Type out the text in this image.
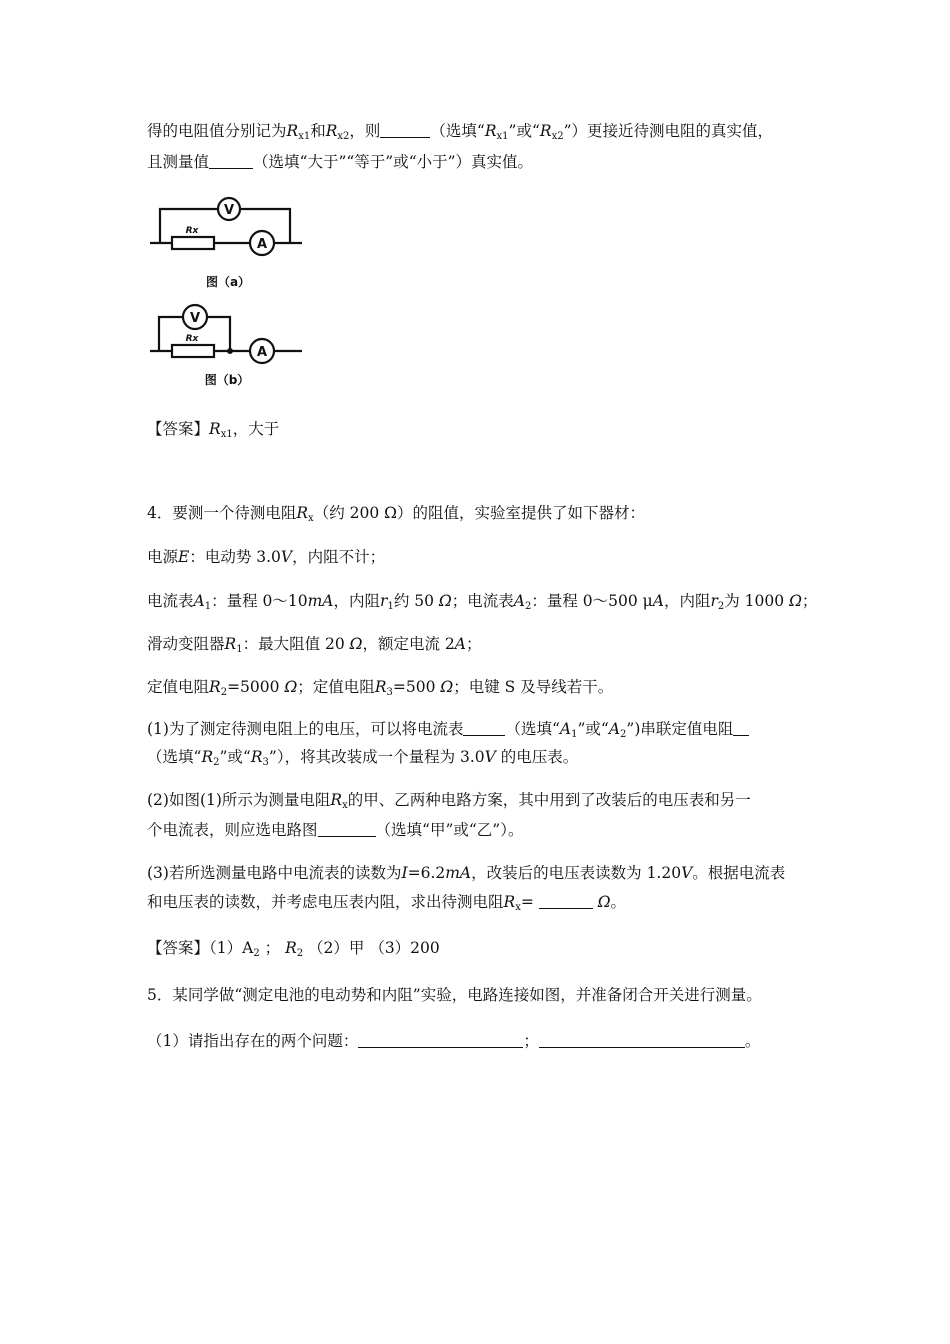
得的电阻值分别记为$R_{x1}$和$R_{x2}$，则	（选填“$R_{x1}$”或“$R_{x2}$”）更接近待测电阻的真实值，
且测量值	（选填“大于”“等于”或“小于”）真实值。
V
A
Rx
图（a）
V
A
Rx
图（b）
【答案】$R_{x1}$，大于
4．要测一个待测电阻$R_x$（约 200 Ω）的阻值，实验室提供了如下器材：
电源E：电动势 3.0V，内阻不计；
电流表$A_1$：量程 0～10mA，内阻$r_1$约 50 Ω；电流表$A_2$：量程 0～500 μA，内阻$r_2$为 1000 Ω；
滑动变阻器$R_1$：最大阻值 20 Ω，额定电流 2A；
定值电阻$R_2=5000$ Ω；定值电阻$R_3=500$ Ω；电键 S 及导线若干。
(1)为了测定待测电阻上的电压，可以将电流表	（选填“$A_1$”或“$A_2$”)串联定值电阻
（选填“$R_2$”或“$R_3$”），将其改装成一个量程为 3.0V 的电压表。
(2)如图(1)所示为测量电阻$R_x$的甲、乙两种电路方案，其中用到了改装后的电压表和另一
个电流表，则应选电路图	（选填“甲”或“乙”）。
(3)若所选测量电路中电流表的读数为I=6.2mA，改装后的电压表读数为 1.20V。根据电流表
和电压表的读数，并考虑电压表内阻，求出待测电阻$R_x=$	Ω。
【答案】$(1)A_2$ ； $R_2$ （2）甲 （3）200
5．某同学做“测定电池的电动势和内阻”实验，电路连接如图，并准备闭合开关进行测量。
（1）请指出存在的两个问题：	；	。
